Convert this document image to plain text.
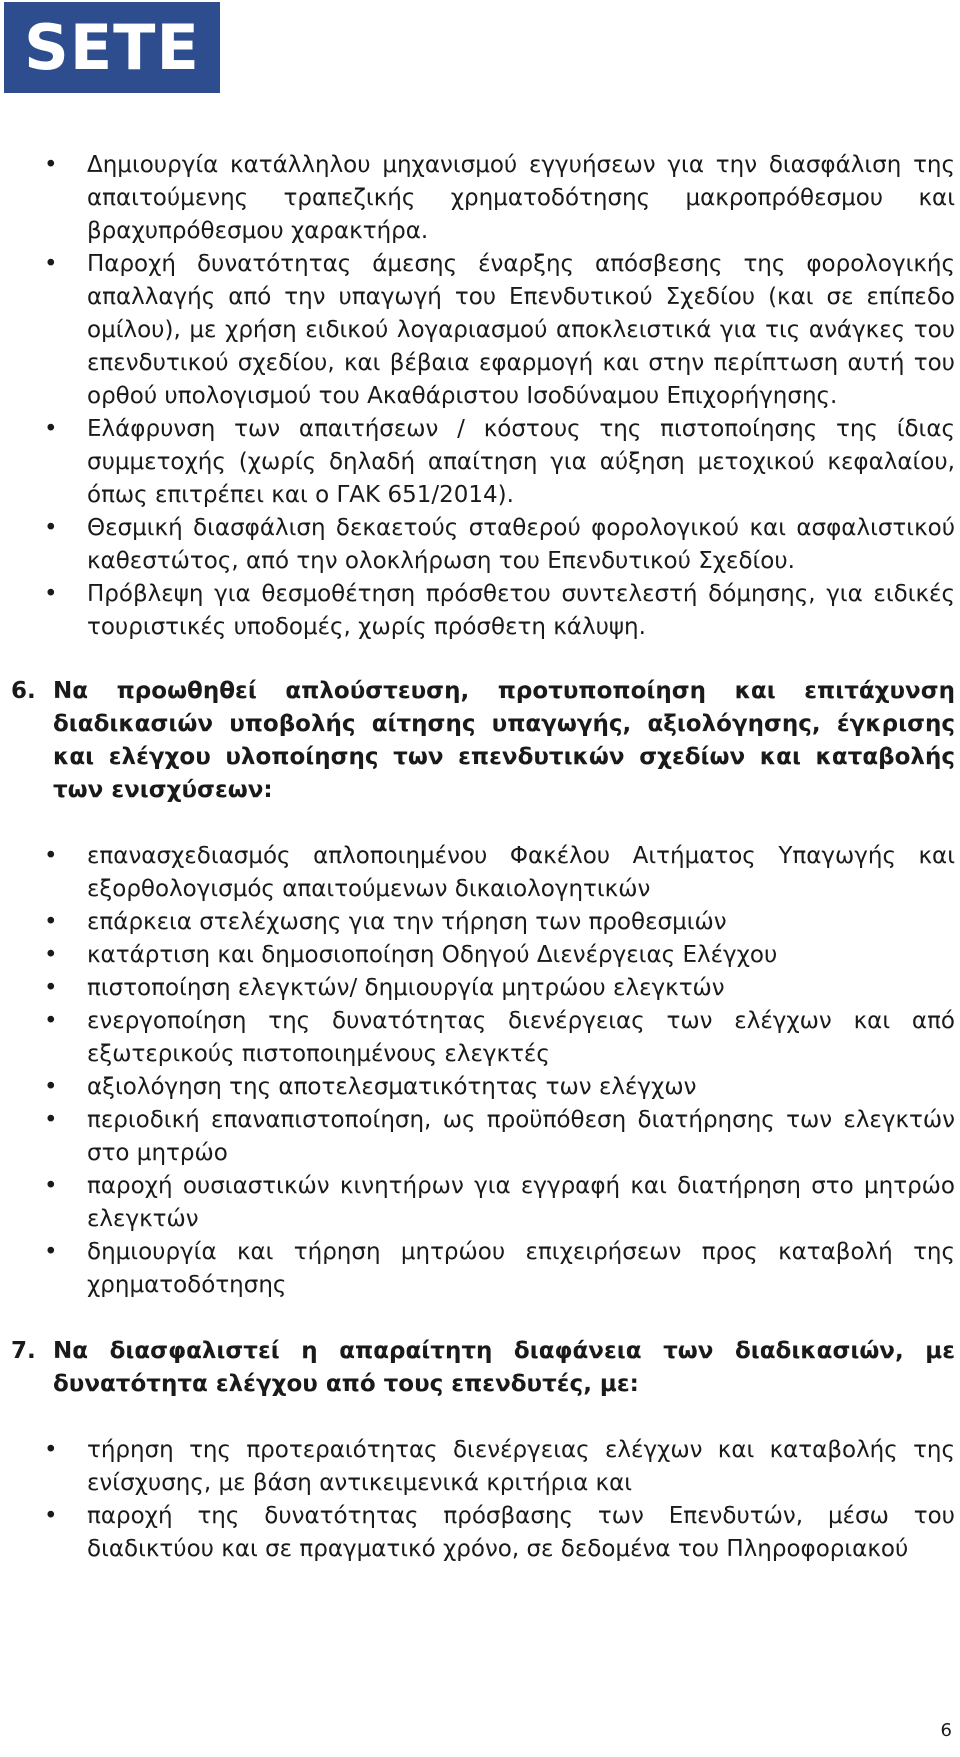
SETE
• Δημιουργία κατάλληλου μηχανισμού εγγυήσεων για την διασφάλιση της απαιτούμενης τραπεζικής χρηματοδότησης μακροπρόθεσμου και βραχυπρόθεσμου χαρακτήρα.
• Παροχή δυνατότητας άμεσης έναρξης απόσβεσης της φορολογικής απαλλαγής από την υπαγωγή του Επενδυτικού Σχεδίου (και σε επίπεδο ομίλου), με χρήση ειδικού λογαριασμού αποκλειστικά για τις ανάγκες του επενδυτικού σχεδίου, και βέβαια εφαρμογή και στην περίπτωση αυτή του ορθού υπολογισμού του Ακαθάριστου Ισοδύναμου Επιχορήγησης.
• Ελάφρυνση των απαιτήσεων / κόστους της πιστοποίησης της ίδιας συμμετοχής (χωρίς δηλαδή απαίτηση για αύξηση μετοχικού κεφαλαίου, όπως επιτρέπει και ο ΓΑΚ 651/2014).
• Θεσμική διασφάλιση δεκαετούς σταθερού φορολογικού και ασφαλιστικού καθεστώτος, από την ολοκλήρωση του Επενδυτικού Σχεδίου.
• Πρόβλεψη για θεσμοθέτηση πρόσθετου συντελεστή δόμησης, για ειδικές τουριστικές υποδομές, χωρίς πρόσθετη κάλυψη.
6. Να προωθηθεί απλούστευση, προτυποποίηση και επιτάχυνση διαδικασιών υποβολής αίτησης υπαγωγής, αξιολόγησης, έγκρισης και ελέγχου υλοποίησης των επενδυτικών σχεδίων και καταβολής των ενισχύσεων:
• επανασχεδιασμός απλοποιημένου Φακέλου Αιτήματος Υπαγωγής και εξορθολογισμός απαιτούμενων δικαιολογητικών
• επάρκεια στελέχωσης για την τήρηση των προθεσμιών
• κατάρτιση και δημοσιοποίηση Οδηγού Διενέργειας Ελέγχου
• πιστοποίηση ελεγκτών/ δημιουργία μητρώου ελεγκτών
• ενεργοποίηση της δυνατότητας διενέργειας των ελέγχων και από εξωτερικούς πιστοποιημένους ελεγκτές
• αξιολόγηση της αποτελεσματικότητας των ελέγχων
• περιοδική επαναπιστοποίηση, ως προϋπόθεση διατήρησης των ελεγκτών στο μητρώο
• παροχή ουσιαστικών κινητήρων για εγγραφή και διατήρηση στο μητρώο ελεγκτών
• δημιουργία και τήρηση μητρώου επιχειρήσεων προς καταβολή της χρηματοδότησης
7. Να διασφαλιστεί η απαραίτητη διαφάνεια των διαδικασιών, με δυνατότητα ελέγχου από τους επενδυτές, με:
• τήρηση της προτεραιότητας διενέργειας ελέγχων και καταβολής της ενίσχυσης, με βάση αντικειμενικά κριτήρια και
• παροχή της δυνατότητας πρόσβασης των Επενδυτών, μέσω του διαδικτύου και σε πραγματικό χρόνο, σε δεδομένα του Πληροφοριακού
6
